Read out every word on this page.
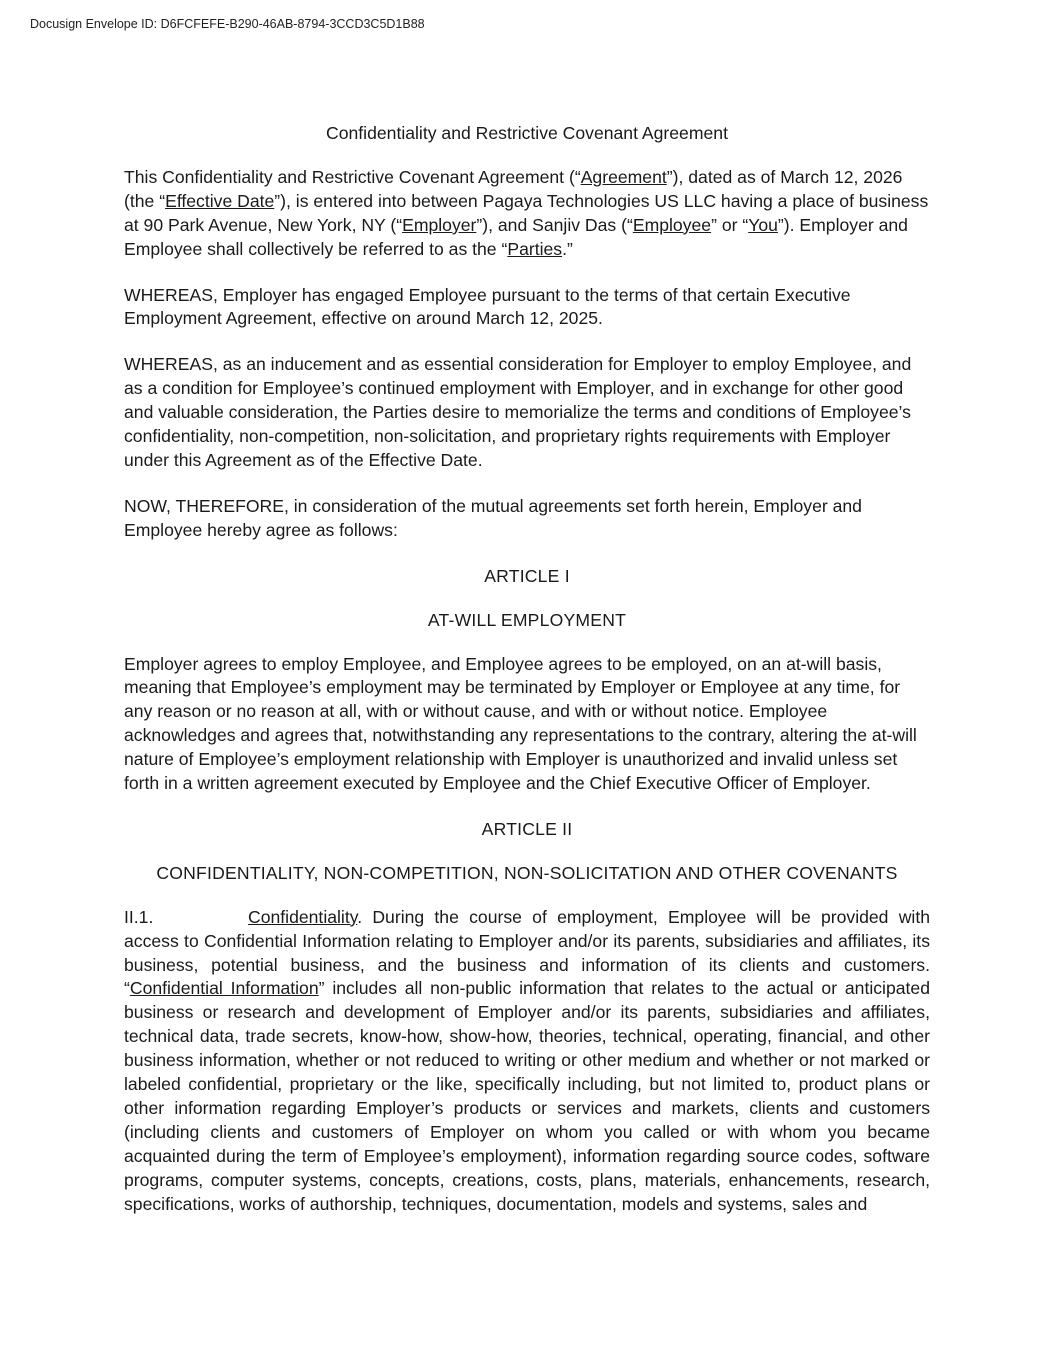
Docusign Envelope ID: D6FCFEFE-B290-46AB-8794-3CCD3C5D1B88
Confidentiality and Restrictive Covenant Agreement

This Confidentiality and Restrictive Covenant Agreement (“Agreement”), dated as of March 12, 2026 (the “Effective Date”), is entered into between Pagaya Technologies US LLC having a place of business at 90 Park Avenue, New York, NY (“Employer”), and Sanjiv Das (“Employee” or “You”). Employer and Employee shall collectively be referred to as the “Parties.”

WHEREAS, Employer has engaged Employee pursuant to the terms of that certain Executive Employment Agreement, effective on around March 12, 2025.

WHEREAS, as an inducement and as essential consideration for Employer to employ Employee, and as a condition for Employee’s continued employment with Employer, and in exchange for other good and valuable consideration, the Parties desire to memorialize the terms and conditions of Employee’s confidentiality, non-competition, non-solicitation, and proprietary rights requirements with Employer under this Agreement as of the Effective Date.

NOW, THEREFORE, in consideration of the mutual agreements set forth herein, Employer and Employee hereby agree as follows:

ARTICLE I
AT-WILL EMPLOYMENT

Employer agrees to employ Employee, and Employee agrees to be employed, on an at-will basis, meaning that Employee’s employment may be terminated by Employer or Employee at any time, for any reason or no reason at all, with or without cause, and with or without notice. Employee acknowledges and agrees that, notwithstanding any representations to the contrary, altering the at-will nature of Employee’s employment relationship with Employer is unauthorized and invalid unless set forth in a written agreement executed by Employee and the Chief Executive Officer of Employer.

ARTICLE II
CONFIDENTIALITY, NON-COMPETITION, NON-SOLICITATION AND OTHER COVENANTS

II.1.	Confidentiality. During the course of employment, Employee will be provided with access to Confidential Information relating to Employer and/or its parents, subsidiaries and affiliates, its business, potential business, and the business and information of its clients and customers. “Confidential Information” includes all non-public information that relates to the actual or anticipated business or research and development of Employer and/or its parents, subsidiaries and affiliates, technical data, trade secrets, know-how, show-how, theories, technical, operating, financial, and other business information, whether or not reduced to writing or other medium and whether or not marked or labeled confidential, proprietary or the like, specifically including, but not limited to, product plans or other information regarding Employer’s products or services and markets, clients and customers (including clients and customers of Employer on whom you called or with whom you became acquainted during the term of Employee’s employment), information regarding source codes, software programs, computer systems, concepts, creations, costs, plans, materials, enhancements, research, specifications, works of authorship, techniques, documentation, models and systems, sales and
